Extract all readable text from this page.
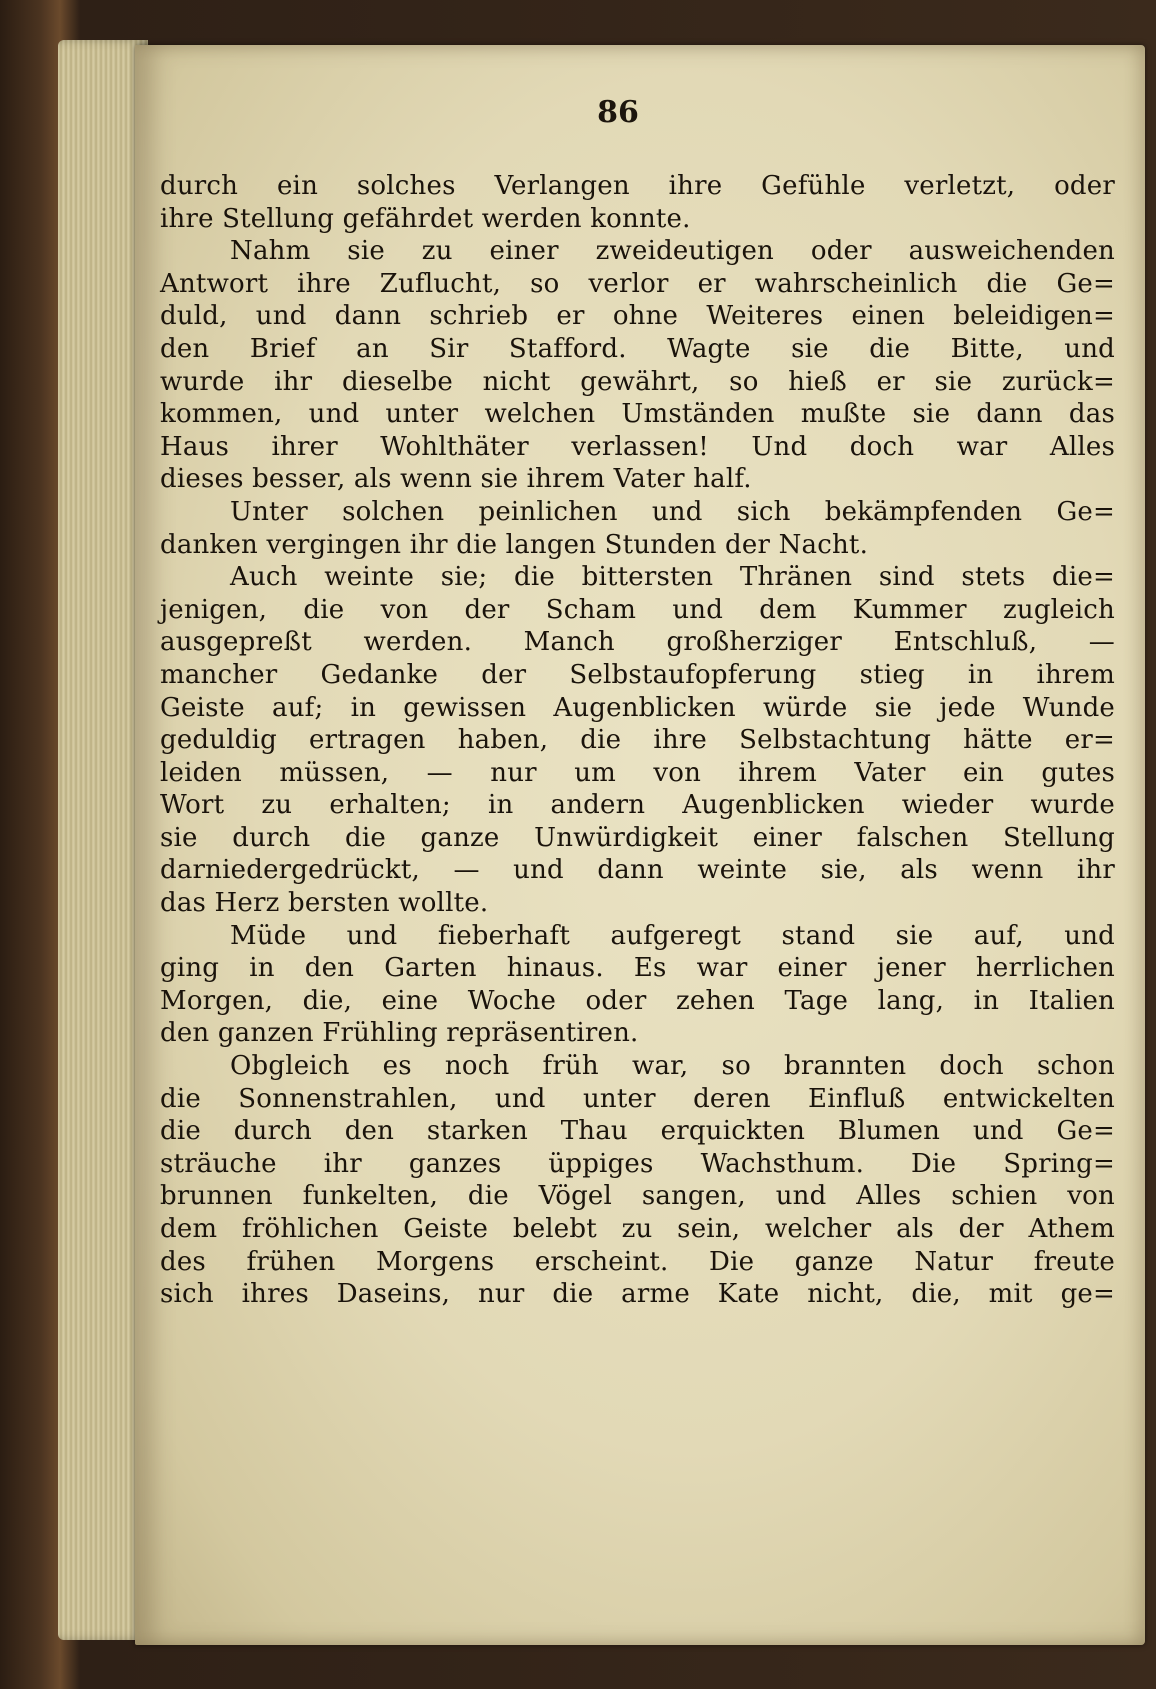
86
durch ein solches Verlangen ihre Gefühle verletzt, oder
ihre Stellung gefährdet werden konnte.
Nahm sie zu einer zweideutigen oder ausweichenden
Antwort ihre Zuflucht, so verlor er wahrscheinlich die Ge=
duld, und dann schrieb er ohne Weiteres einen beleidigen=
den Brief an Sir Stafford. Wagte sie die Bitte, und
wurde ihr dieselbe nicht gewährt, so hieß er sie zurück=
kommen, und unter welchen Umständen mußte sie dann das
Haus ihrer Wohlthäter verlassen! Und doch war Alles
dieses besser, als wenn sie ihrem Vater half.
Unter solchen peinlichen und sich bekämpfenden Ge=
danken vergingen ihr die langen Stunden der Nacht.
Auch weinte sie; die bittersten Thränen sind stets die=
jenigen, die von der Scham und dem Kummer zugleich
ausgepreßt werden. Manch großherziger Entschluß, —
mancher Gedanke der Selbstaufopferung stieg in ihrem
Geiste auf; in gewissen Augenblicken würde sie jede Wunde
geduldig ertragen haben, die ihre Selbstachtung hätte er=
leiden müssen, — nur um von ihrem Vater ein gutes
Wort zu erhalten; in andern Augenblicken wieder wurde
sie durch die ganze Unwürdigkeit einer falschen Stellung
darniedergedrückt, — und dann weinte sie, als wenn ihr
das Herz bersten wollte.
Müde und fieberhaft aufgeregt stand sie auf, und
ging in den Garten hinaus. Es war einer jener herrlichen
Morgen, die, eine Woche oder zehen Tage lang, in Italien
den ganzen Frühling repräsentiren.
Obgleich es noch früh war, so brannten doch schon
die Sonnenstrahlen, und unter deren Einfluß entwickelten
die durch den starken Thau erquickten Blumen und Ge=
sträuche ihr ganzes üppiges Wachsthum. Die Spring=
brunnen funkelten, die Vögel sangen, und Alles schien von
dem fröhlichen Geiste belebt zu sein, welcher als der Athem
des frühen Morgens erscheint. Die ganze Natur freute
sich ihres Daseins, nur die arme Kate nicht, die, mit ge=
